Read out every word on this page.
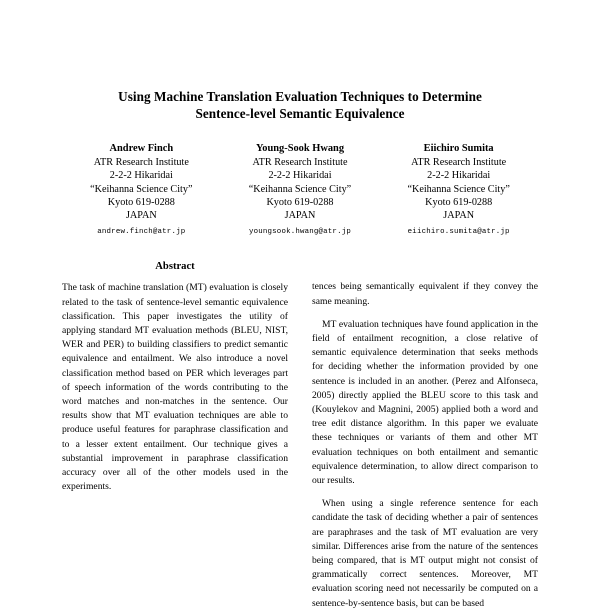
Using Machine Translation Evaluation Techniques to Determine
Sentence-level Semantic Equivalence
Andrew Finch
ATR Research Institute
2-2-2 Hikaridai
“Keihanna Science City”
Kyoto 619-0288
JAPAN
andrew.finch@atr.jp
Young-Sook Hwang
ATR Research Institute
2-2-2 Hikaridai
“Keihanna Science City”
Kyoto 619-0288
JAPAN
youngsook.hwang@atr.jp
Eiichiro Sumita
ATR Research Institute
2-2-2 Hikaridai
“Keihanna Science City”
Kyoto 619-0288
JAPAN
eiichiro.sumita@atr.jp
Abstract

The task of machine translation (MT) evaluation is closely related to the task of sentence-level semantic equivalence classification. This paper investigates the utility of applying standard MT evaluation methods (BLEU, NIST, WER and PER) to building classifiers to predict semantic equivalence and entailment. We also introduce a novel classification method based on PER which leverages part of speech information of the words contributing to the word matches and non-matches in the sentence. Our results show that MT evaluation techniques are able to produce useful features for paraphrase classification and to a lesser extent entailment. Our technique gives a substantial improvement in paraphrase classification accuracy over all of the other models used in the experiments.

tences being semantically equivalent if they convey the same meaning.

MT evaluation techniques have found application in the field of entailment recognition, a close relative of semantic equivalence determination that seeks methods for deciding whether the information provided by one sentence is included in an another. (Perez and Alfonseca, 2005) directly applied the BLEU score to this task and (Kouylekov and Magnini, 2005) applied both a word and tree edit distance algorithm. In this paper we evaluate these techniques or variants of them and other MT evaluation techniques on both entailment and semantic equivalence determination, to allow direct comparison to our results.

When using a single reference sentence for each candidate the task of deciding whether a pair of sentences are paraphrases and the task of MT evaluation are very similar. Differences arise from the nature of the sentences being compared, that is MT output might not consist of grammatically correct sentences. Moreover, MT evaluation scoring need not necessarily be computed on a sentence-by-sentence basis, but can be based
